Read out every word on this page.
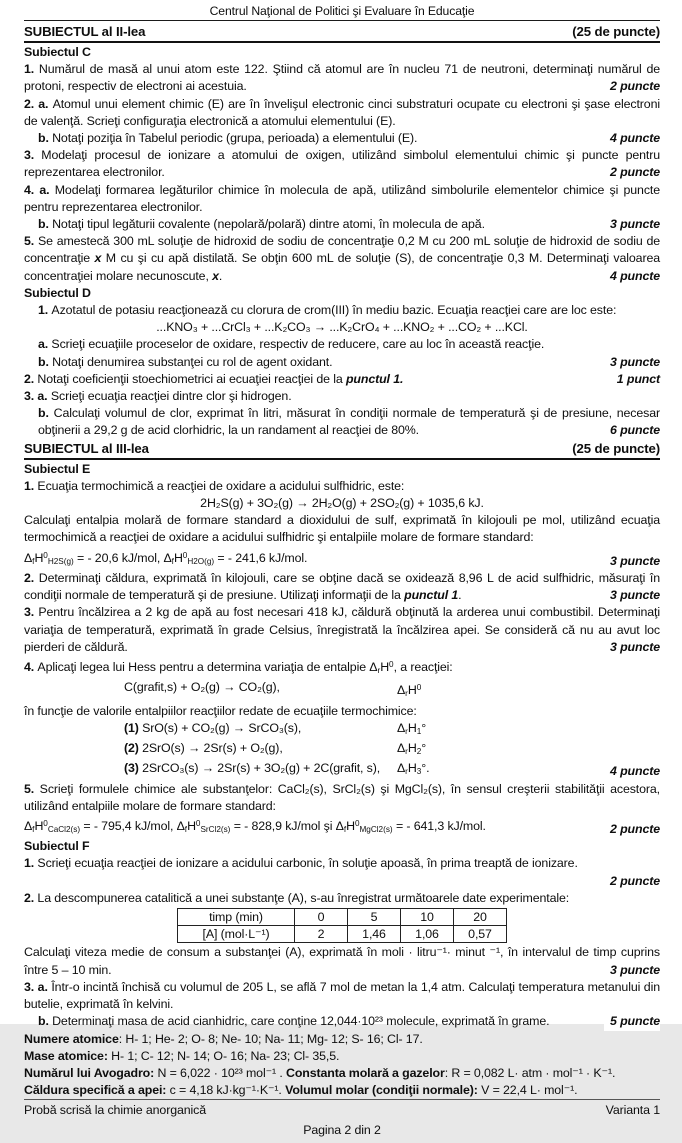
Centrul Naţional de Politici şi Evaluare în Educaţie
SUBIECTUL al II-lea	(25 de puncte)
Subiectul C
1. Numărul de masă al unui atom este 122. Ştiind că atomul are în nucleu 71 de neutroni, determinaţi numărul de protoni, respectiv de electroni ai acestuia.	2 puncte
2. a. Atomul unui element chimic (E) are în învelişul electronic cinci substraturi ocupate cu electroni şi şase electroni de valenţă. Scrieţi configuraţia electronică a atomului elementului (E).
b. Notaţi poziţia în Tabelul periodic (grupa, perioada) a elementului (E).	4 puncte
3. Modelaţi procesul de ionizare a atomului de oxigen, utilizând simbolul elementului chimic şi puncte pentru reprezentarea electronilor.	2 puncte
4. a. Modelaţi formarea legăturilor chimice în molecula de apă, utilizând simbolurile elementelor chimice şi puncte pentru reprezentarea electronilor.
b. Notaţi tipul legăturii covalente (nepolară/polară) dintre atomi, în molecula de apă.	3 puncte
5. Se amestecă 300 mL soluţie de hidroxid de sodiu de concentraţie 0,2 M cu 200 mL soluţie de hidroxid de sodiu de concentraţie x M cu şi cu apă distilată. Se obţin 600 mL de soluţie (S), de concentraţie 0,3 M. Determinaţi valoarea concentraţiei molare necunoscute, x.	4 puncte
Subiectul D
1. Azotatul de potasiu reacţionează cu clorura de crom(III) în mediu bazic. Ecuaţia reacţiei care are loc este:
...KNO₃ + ...CrCl₃ + ...K₂CO₃ → ...K₂CrO₄ + ...KNO₂ + ...CO₂ + ...KCl.
a. Scrieţi ecuaţiile proceselor de oxidare, respectiv de reducere, care au loc în această reacţie.
b. Notaţi denumirea substanţei cu rol de agent oxidant.	3 puncte
2. Notaţi coeficienţii stoechiometrici ai ecuaţiei reacţiei de la punctul 1.	1 punct
3. a. Scrieţi ecuaţia reacţiei dintre clor şi hidrogen.
b. Calculaţi volumul de clor, exprimat în litri, măsurat în condiţii normale de temperatură şi de presiune, necesar obţinerii a 29,2 g de acid clorhidric, la un randament al reacţiei de 80%.	6 puncte
SUBIECTUL al III-lea	(25 de puncte)
Subiectul E
1. Ecuaţia termochimică a reacţiei de oxidare a acidului sulfhidric, este:
2H₂S(g) + 3O₂(g) → 2H₂O(g) + 2SO₂(g) + 1035,6 kJ.
Calculaţi entalpia molară de formare standard a dioxidului de sulf, exprimată în kilojouli pe mol, utilizând ecuaţia termochimică a reacţiei de oxidare a acidului sulfhidric şi entalpiile molare de formare standard:
$\Delta_fH^0_{H2S(g)}$ = - 20,6 kJ/mol, $\Delta_fH^0_{H2O(g)}$ = - 241,6 kJ/mol.	3 puncte
2. Determinaţi căldura, exprimată în kilojouli, care se obţine dacă se oxidează 8,96 L de acid sulfhidric, măsuraţi în condiţii normale de temperatură şi de presiune. Utilizaţi informaţii de la punctul 1.	3 puncte
3. Pentru încălzirea a 2 kg de apă au fost necesari 418 kJ, căldură obţinută la arderea unui combustibil. Determinaţi variaţia de temperatură, exprimată în grade Celsius, înregistrată la încălzirea apei. Se consideră că nu au avut loc pierderi de căldură.	3 puncte
4. Aplicaţi legea lui Hess pentru a determina variaţia de entalpie $\Delta_rH^0$, a reacţiei:
C(grafit,s) + O₂(g) → CO₂(g),	$\Delta_rH^0$
în funcţie de valorile entalpiilor reacţiilor redate de ecuaţiile termochimice:
(1) SrO(s) + CO₂(g) → SrCO₃(s),	$\Delta_rH_1^\circ$
(2) 2SrO(s) → 2Sr(s) + O₂(g),	$\Delta_rH_2^\circ$
(3) 2SrCO₃(s) → 2Sr(s) + 3O₂(g) + 2C(grafit, s),	$\Delta_rH_3^\circ$.	4 puncte
5. Scrieţi formulele chimice ale substanţelor: CaCl₂(s), SrCl₂(s) şi MgCl₂(s), în sensul creşterii stabilităţii acestora, utilizând entalpiile molare de formare standard:
$\Delta_fH^0_{CaCl2(s)}$ = - 795,4 kJ/mol, $\Delta_fH^0_{SrCl2(s)}$ = - 828,9 kJ/mol şi $\Delta_fH^0_{MgCl2(s)}$ = - 641,3 kJ/mol.	2 puncte
Subiectul F
1. Scrieţi ecuaţia reacţiei de ionizare a acidului carbonic, în soluţie apoasă, în prima treaptă de ionizare.
2 puncte
2. La descompunerea catalitică a unei substanţe (A), s-au înregistrat următoarele date experimentale:
timp (min)	0	5	10	20
[A] (mol·L⁻¹)	2	1,46	1,06	0,57
Calculaţi viteza medie de consum a substanţei (A), exprimată în moli · litru⁻¹· minut ⁻¹, în intervalul de timp cuprins între 5 – 10 min.	3 puncte
3. a. Într-o incintă închisă cu volumul de 205 L, se află 7 mol de metan la 1,4 atm. Calculaţi temperatura metanului din butelie, exprimată în kelvini.
b. Determinaţi masa de acid cianhidric, care conţine 12,044·10²³ molecule, exprimată în grame.	5 puncte
Numere atomice: H- 1; He- 2; O- 8; Ne- 10; Na- 11; Mg- 12; S- 16; Cl- 17.
Mase atomice: H- 1; C- 12; N- 14; O- 16; Na- 23; Cl- 35,5.
Numărul lui Avogadro: N = 6,022 · 10²³ mol⁻¹ . Constanta molară a gazelor: R = 0,082 L· atm · mol⁻¹ · K⁻¹.
Căldura specifică a apei: c = 4,18 kJ·kg⁻¹·K⁻¹. Volumul molar (condiţii normale): V = 22,4 L· mol⁻¹.
Probă scrisă la chimie anorganică	Varianta 1
Pagina 2 din 2
